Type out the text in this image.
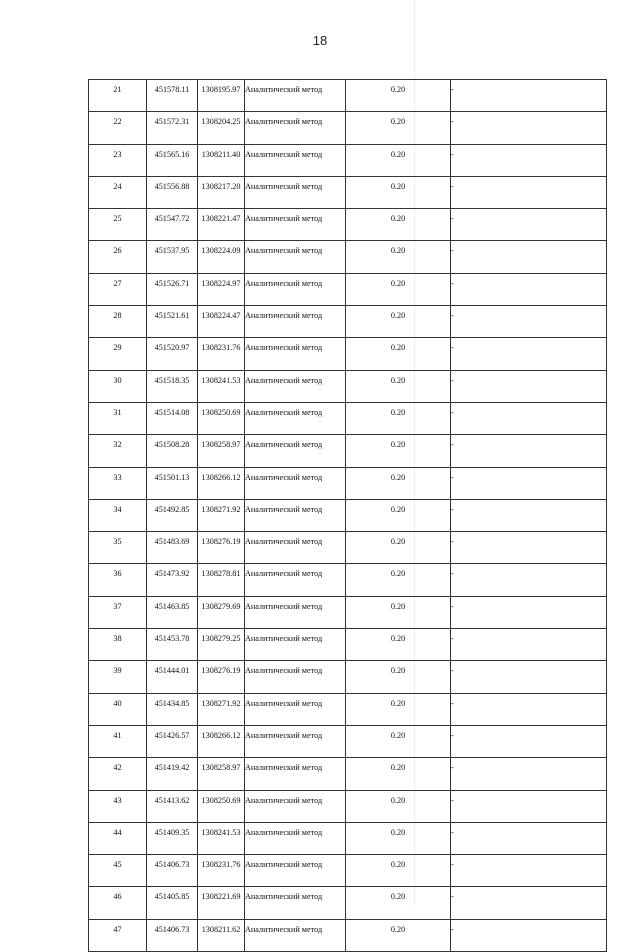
18
21	451578.11	1308195.97	Аналитический метод	0.20	-
22	451572.31	1308204.25	Аналитический метод	0.20	-
23	451565.16	1308211.40	Аналитический метод	0.20	-
24	451556.88	1308217.20	Аналитический метод	0.20	-
25	451547.72	1308221.47	Аналитический метод	0.20	-
26	451537.95	1308224.09	Аналитический метод	0.20	-
27	451526.71	1308224.97	Аналитический метод	0.20	-
28	451521.61	1308224.47	Аналитический метод	0.20	-
29	451520.97	1308231.76	Аналитический метод	0.20	-
30	451518.35	1308241.53	Аналитический метод	0.20	-
31	451514.08	1308250.69	Аналитический метод	0.20	-
32	451508.28	1308258.97	Аналитический метод	0.20	-
33	451501.13	1308266.12	Аналитический метод	0.20	-
34	451492.85	1308271.92	Аналитический метод	0.20	-
35	451483.69	1308276.19	Аналитический метод	0.20	-
36	451473.92	1308278.81	Аналитический метод	0.20	-
37	451463.85	1308279.69	Аналитический метод	0.20	-
38	451453.78	1308279.25	Аналитический метод	0.20	-
39	451444.01	1308276.19	Аналитический метод	0.20	-
40	451434.85	1308271.92	Аналитический метод	0.20	-
41	451426.57	1308266.12	Аналитический метод	0.20	-
42	451419.42	1308258.97	Аналитический метод	0.20	-
43	451413.62	1308250.69	Аналитический метод	0.20	-
44	451409.35	1308241.53	Аналитический метод	0.20	-
45	451406.73	1308231.76	Аналитический метод	0.20	-
46	451405.85	1308221.69	Аналитический метод	0.20	-
47	451406.73	1308211.62	Аналитический метод	0.20	-
